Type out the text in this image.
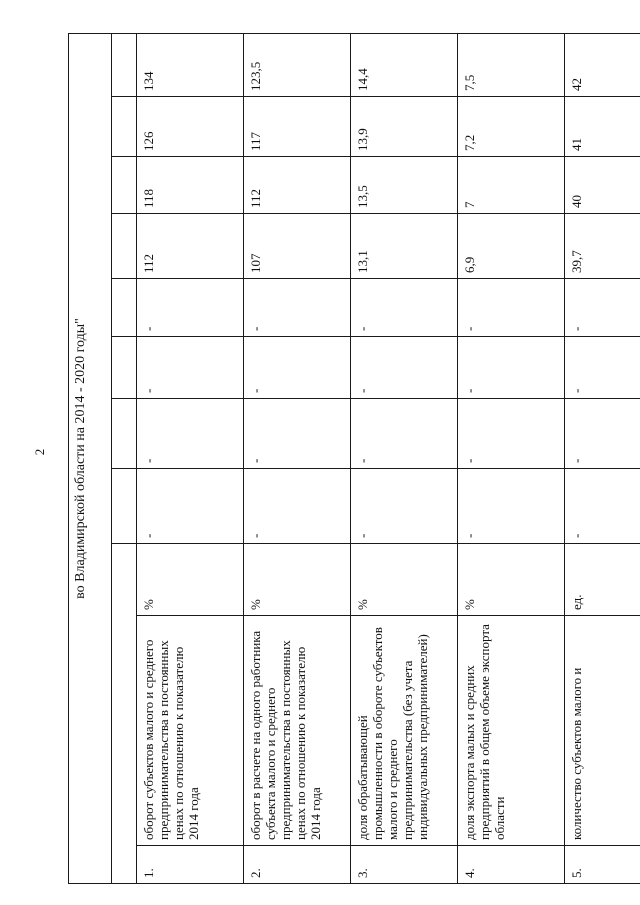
2 во Владимирской области на 2014 - 2020 годы"										

1.	оборот субъектов малого и среднего предпринимательства в постоянных ценах по отношению к показателю 2014 года	%	-	-	-	-	112	118	126	134
2.	оборот в расчете на одного работника субъекта малого и среднего предпринимательства в постоянных ценах по отношению к показателю 2014 года	%	-	-	-	-	107	112	117	123,5
3.	доля обрабатывающей промышленности в обороте субъектов малого и среднего предпринимательства (без учета индивидуальных предпринимателей)	%	-	-	-	-	13,1	13,5	13,9	14,4
4.	доля экспорта малых и средних предприятий в общем объеме экспорта области	%	-	-	-	-	6,9	7	7,2	7,5
5.	количество субъектов малого и	ед.	-	-	-	-	39,7	40	41	42
